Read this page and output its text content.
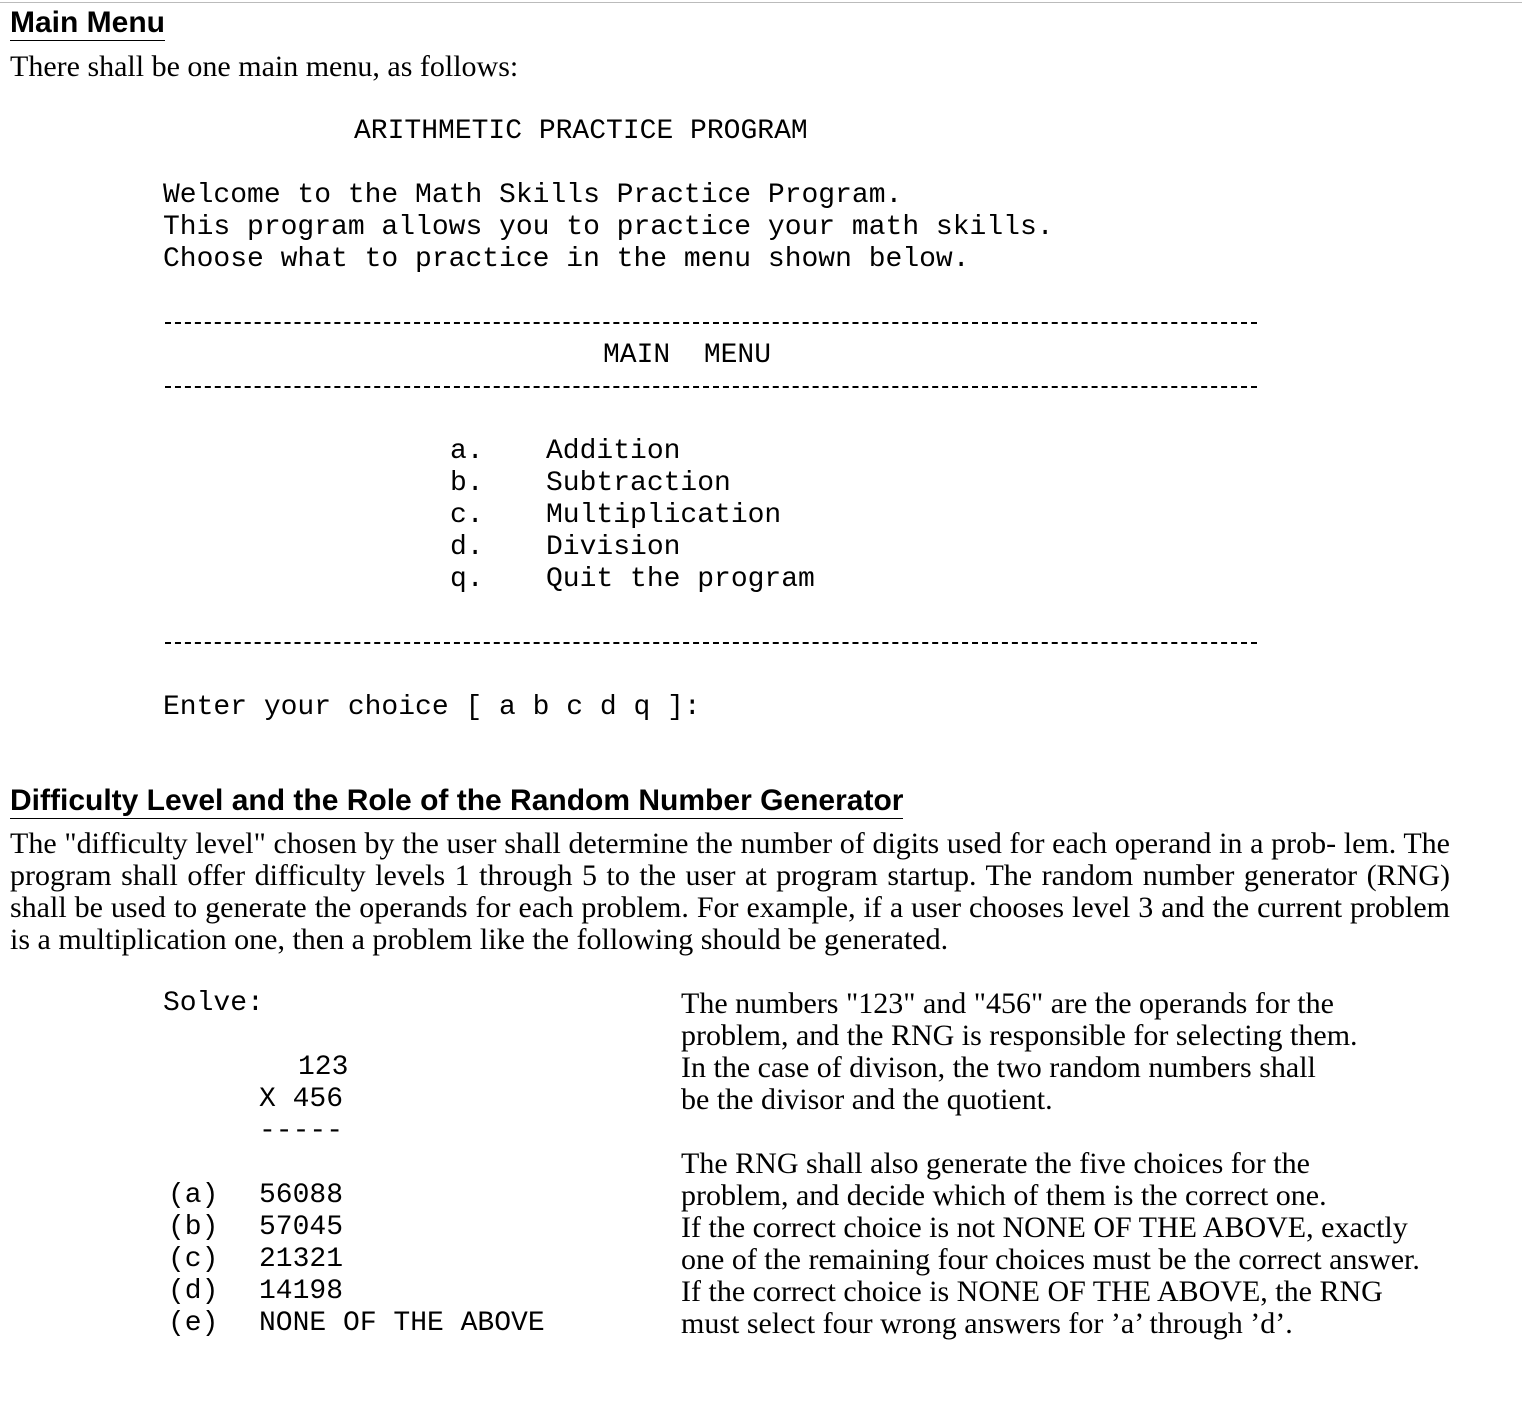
Main Menu
There shall be one main menu, as follows:
ARITHMETIC PRACTICE PROGRAM
Welcome to the Math Skills Practice Program.
This program allows you to practice your math skills.
Choose what to practice in the menu shown below.
MAIN  MENU
a. Addition
b. Subtraction
c. Multiplication
d. Division
q. Quit the program
Enter your choice [ a b c d q ]:
Difficulty Level and the Role of the Random Number Generator
The "difficulty level" chosen by the user shall determine the number of digits used for each operand in a prob- lem. The program shall offer difficulty levels 1 through 5 to the user at program startup. The random number generator (RNG) shall be used to generate the operands for each problem. For example, if a user chooses level 3 and the current problem is a multiplication one, then a problem like the following should be generated.
Solve:
123
X 456
-----
(a) 56088
(b) 57045
(c) 21321
(d) 14198
(e) NONE OF THE ABOVE
The numbers "123" and "456" are the operands for the
problem, and the RNG is responsible for selecting them.
In the case of divison, the two random numbers shall
be the divisor and the quotient.
The RNG shall also generate the five choices for the
problem, and decide which of them is the correct one.
If the correct choice is not NONE OF THE ABOVE, exactly
one of the remaining four choices must be the correct answer.
If the correct choice is NONE OF THE ABOVE, the RNG
must select four wrong answers for ’a’ through ’d’.
